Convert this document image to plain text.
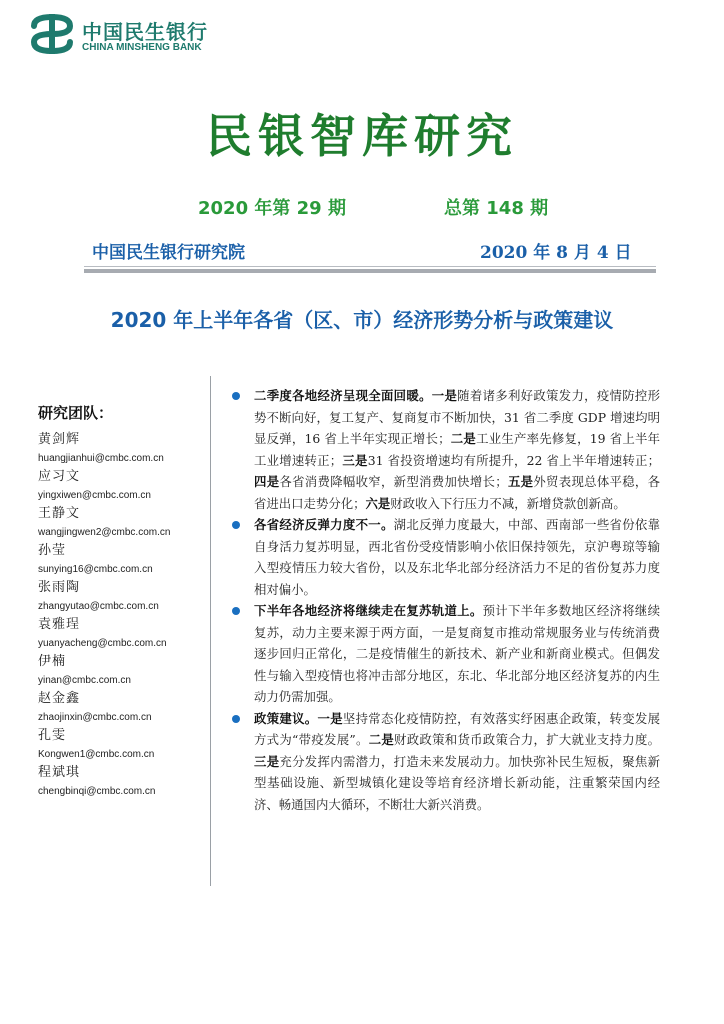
中国民生银行
CHINA MINSHENG BANK
民银智库研究
2020 年第 29 期	总第 148 期
中国民生银行研究院	2020 年 8 月 4 日
2020 年上半年各省（区、市）经济形势分析与政策建议
研究团队：
黄剑辉
huangjianhui@cmbc.com.cn
应习文
yingxiwen@cmbc.com.cn
王静文
wangjingwen2@cmbc.com.cn
孙莹
sunying16@cmbc.com.cn
张雨陶
zhangyutao@cmbc.com.cn
袁雅珵
yuanyacheng@cmbc.com.cn
伊楠
yinan@cmbc.com.cn
赵金鑫
zhaojinxin@cmbc.com.cn
孔雯
Kongwen1@cmbc.com.cn
程斌琪
chengbinqi@cmbc.com.cn
二季度各地经济呈现全面回暖。一是随着诸多利好政策发力，疫情防控形势不断向好，复工复产、复商复市不断加快，31 省二季度 GDP 增速均明显反弹，16 省上半年实现正增长；二是工业生产率先修复，19 省上半年工业增速转正；三是31 省投资增速均有所提升，22 省上半年增速转正；四是各省消费降幅收窄，新型消费加快增长；五是外贸表现总体平稳，各省进出口走势分化；六是财政收入下行压力不减，新增贷款创新高。
各省经济反弹力度不一。湖北反弹力度最大，中部、西南部一些省份依靠自身活力复苏明显，西北省份受疫情影响小依旧保持领先，京沪粤琼等输入型疫情压力较大省份，以及东北华北部分经济活力不足的省份复苏力度相对偏小。
下半年各地经济将继续走在复苏轨道上。预计下半年多数地区经济将继续复苏，动力主要来源于两方面，一是复商复市推动常规服务业与传统消费逐步回归正常化，二是疫情催生的新技术、新产业和新商业模式。但偶发性与输入型疫情也将冲击部分地区，东北、华北部分地区经济复苏的内生动力仍需加强。
政策建议。一是坚持常态化疫情防控，有效落实纾困惠企政策，转变发展方式为“带疫发展”。二是财政政策和货币政策合力，扩大就业支持力度。三是充分发挥内需潜力，打造未来发展动力。加快弥补民生短板，聚焦新型基础设施、新型城镇化建设等培育经济增长新动能，注重繁荣国内经济、畅通国内大循环，不断壮大新兴消费。
